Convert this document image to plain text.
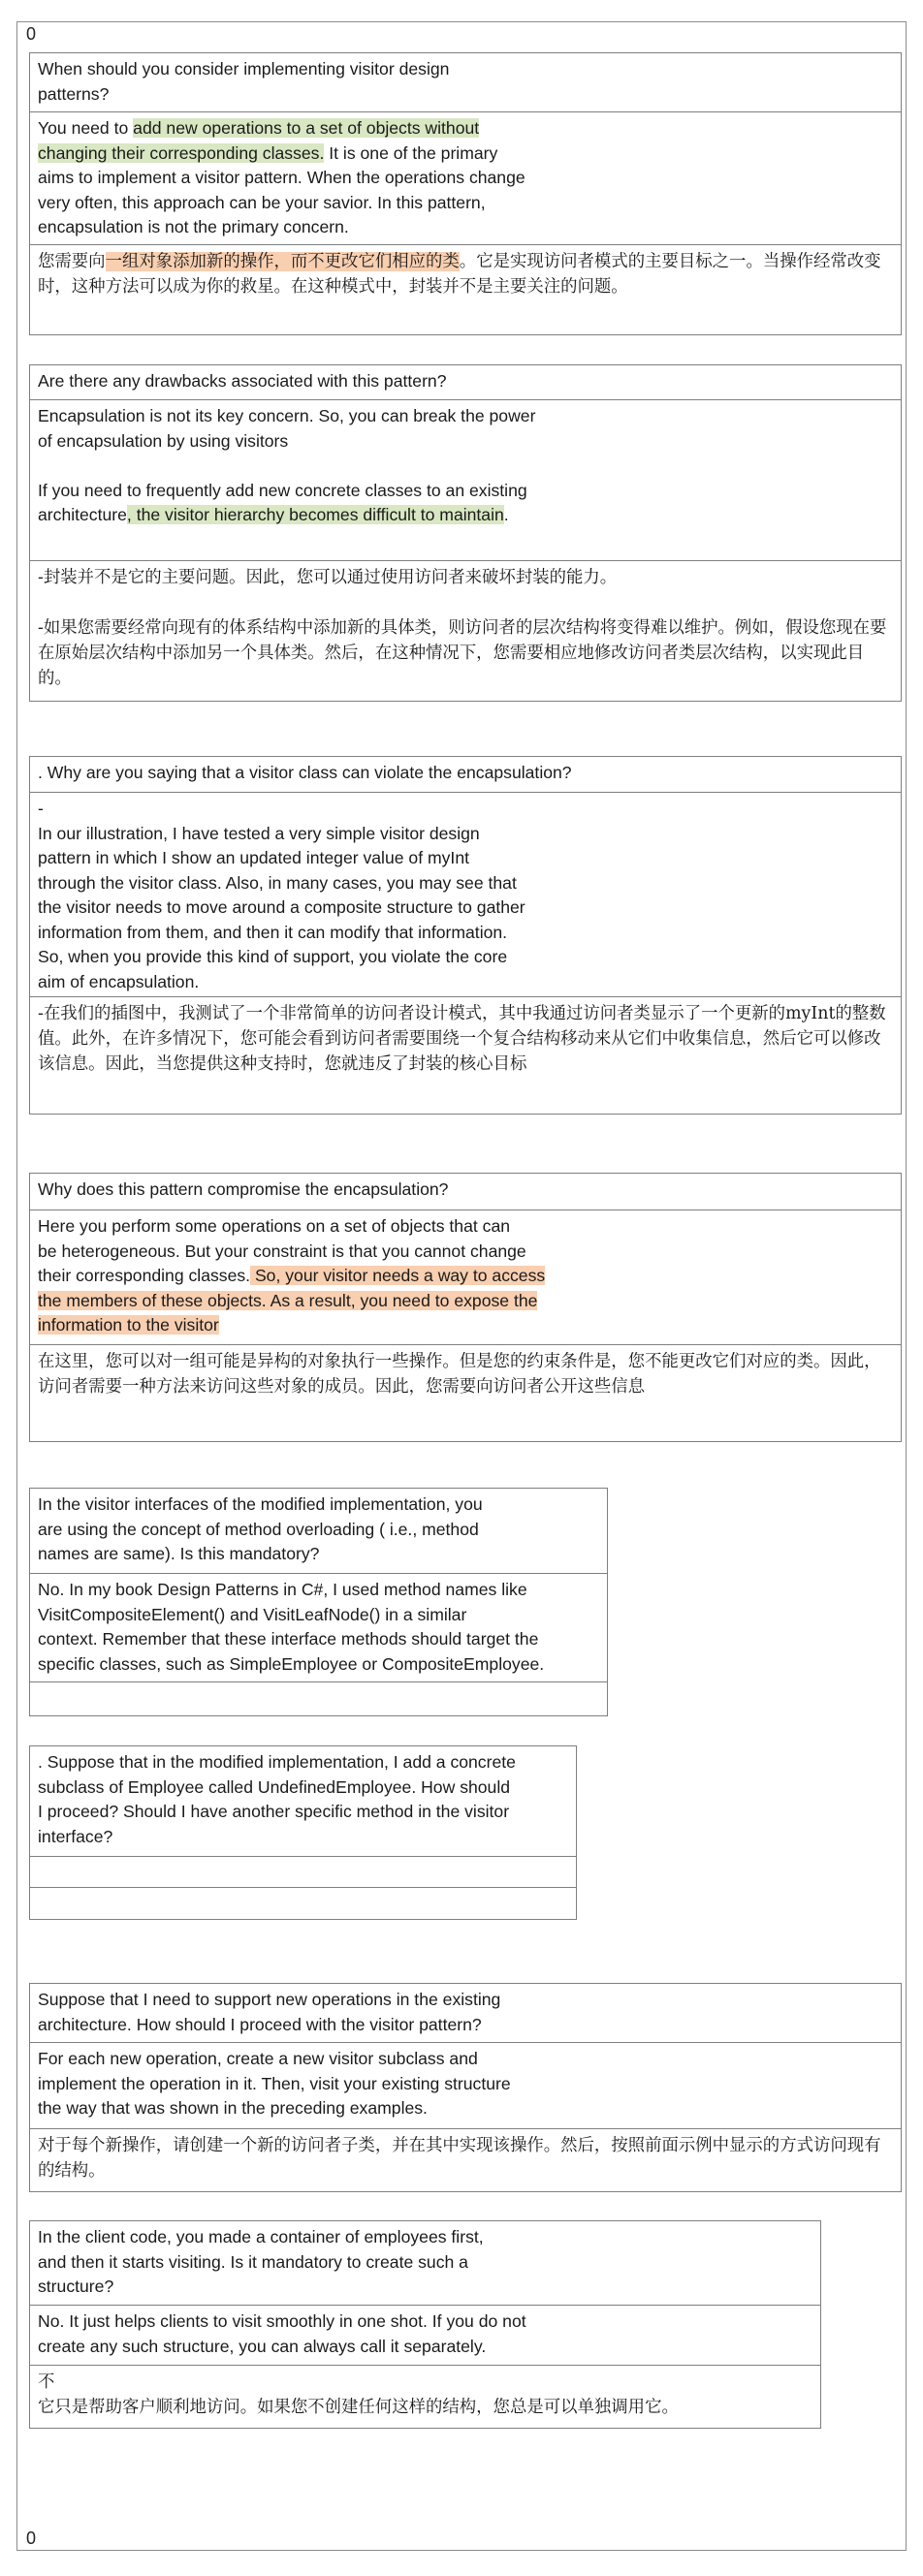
0
When should you consider implementing visitor design
patterns?
You need to add new operations to a set of objects without
changing their corresponding classes. It is one of the primary
aims to implement a visitor pattern. When the operations change
very often, this approach can be your savior. In this pattern,
encapsulation is not the primary concern.
您需要向一组对象添加新的操作，而不更改它们相应的类。它是实现访问者模式的主要目标之一。当操作经常改变时，这种方法可以成为你的救星。在这种模式中，封装并不是主要关注的问题。
Are there any drawbacks associated with this pattern?
Encapsulation is not its key concern. So, you can break the power
of encapsulation by using visitors

If you need to frequently add new concrete classes to an existing
architecture, the visitor hierarchy becomes difficult to maintain.
-封装并不是它的主要问题。因此，您可以通过使用访问者来破坏封装的能力。

-如果您需要经常向现有的体系结构中添加新的具体类，则访问者的层次结构将变得难以维护。例如，假设您现在要在原始层次结构中添加另一个具体类。然后，在这种情况下，您需要相应地修改访问者类层次结构，以实现此目的。
. Why are you saying that a visitor class can violate the encapsulation?
-
In our illustration, I have tested a very simple visitor design
pattern in which I show an updated integer value of myInt
through the visitor class. Also, in many cases, you may see that
the visitor needs to move around a composite structure to gather
information from them, and then it can modify that information.
So, when you provide this kind of support, you violate the core
aim of encapsulation.
-在我们的插图中，我测试了一个非常简单的访问者设计模式，其中我通过访问者类显示了一个更新的myInt的整数值。此外，在许多情况下，您可能会看到访问者需要围绕一个复合结构移动来从它们中收集信息，然后它可以修改该信息。因此，当您提供这种支持时，您就违反了封装的核心目标
Why does this pattern compromise the encapsulation?
Here you perform some operations on a set of objects that can
be heterogeneous. But your constraint is that you cannot change
their corresponding classes. So, your visitor needs a way to access
the members of these objects. As a result, you need to expose the
information to the visitor
在这里，您可以对一组可能是异构的对象执行一些操作。但是您的约束条件是，您不能更改它们对应的类。因此，访问者需要一种方法来访问这些对象的成员。因此，您需要向访问者公开这些信息
In the visitor interfaces of the modified implementation, you
are using the concept of method overloading ( i.e., method
names are same). Is this mandatory?
No. In my book Design Patterns in C#, I used method names like
VisitCompositeElement() and VisitLeafNode() in a similar
context. Remember that these interface methods should target the
specific classes, such as SimpleEmployee or CompositeEmployee.
. Suppose that in the modified implementation, I add a concrete
subclass of Employee called UndefinedEmployee. How should
I proceed? Should I have another specific method in the visitor
interface?
Suppose that I need to support new operations in the existing
architecture. How should I proceed with the visitor pattern?
For each new operation, create a new visitor subclass and
implement the operation in it. Then, visit your existing structure
the way that was shown in the preceding examples.
对于每个新操作，请创建一个新的访问者子类，并在其中实现该操作。然后，按照前面示例中显示的方式访问现有的结构。
In the client code, you made a container of employees first,
and then it starts visiting. Is it mandatory to create such a
structure?
No. It just helps clients to visit smoothly in one shot. If you do not
create any such structure, you can always call it separately.
不
它只是帮助客户顺利地访问。如果您不创建任何这样的结构，您总是可以单独调用它。
0
